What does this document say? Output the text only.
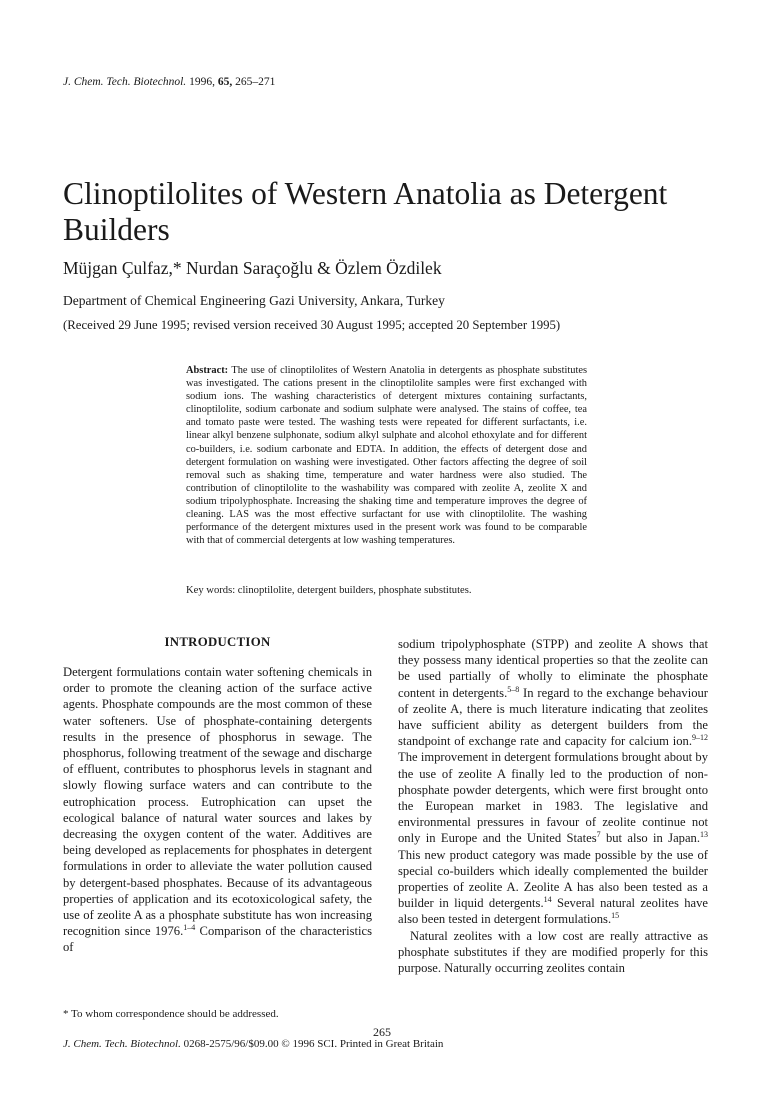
J. Chem. Tech. Biotechnol. 1996, 65, 265–271
Clinoptilolites of Western Anatolia as Detergent Builders
Müjgan Çulfaz,* Nurdan Saraçoğlu & Özlem Özdilek
Department of Chemical Engineering Gazi University, Ankara, Turkey
(Received 29 June 1995; revised version received 30 August 1995; accepted 20 September 1995)
Abstract: The use of clinoptilolites of Western Anatolia in detergents as phosphate substitutes was investigated. The cations present in the clinoptilolite samples were first exchanged with sodium ions. The washing characteristics of detergent mixtures containing surfactants, clinoptilolite, sodium carbonate and sodium sulphate were analysed. The stains of coffee, tea and tomato paste were tested. The washing tests were repeated for different surfactants, i.e. linear alkyl benzene sulphonate, sodium alkyl sulphate and alcohol ethoxylate and for different co-builders, i.e. sodium carbonate and EDTA. In addition, the effects of detergent dose and detergent formulation on washing were investigated. Other factors affecting the degree of soil removal such as shaking time, temperature and water hardness were also studied. The contribution of clinoptilolite to the washability was compared with zeolite A, zeolite X and sodium tripolyphosphate. Increasing the shaking time and temperature improves the degree of cleaning. LAS was the most effective surfactant for use with clinoptilolite. The washing performance of the detergent mixtures used in the present work was found to be comparable with that of commercial detergents at low washing temperatures.
Key words: clinoptilolite, detergent builders, phosphate substitutes.
INTRODUCTION

Detergent formulations contain water softening chemicals in order to promote the cleaning action of the surface active agents. Phosphate compounds are the most common of these water softeners. Use of phosphate-containing detergents results in the presence of phosphorus in sewage. The phosphorus, following treatment of the sewage and discharge of effluent, contributes to phosphorus levels in stagnant and slowly flowing surface waters and can contribute to the eutrophication process. Eutrophication can upset the ecological balance of natural water sources and lakes by decreasing the oxygen content of the water. Additives are being developed as replacements for phosphates in detergent formulations in order to alleviate the water pollution caused by detergent-based phosphates. Because of its advantageous properties of application and its ecotoxicological safety, the use of zeolite A as a phosphate substitute has won increasing recognition since 1976.$^{1-4}$ Comparison of the characteristics of

sodium tripolyphosphate (STPP) and zeolite A shows that they possess many identical properties so that the zeolite can be used partially of wholly to eliminate the phosphate content in detergents.$^{5-8}$ In regard to the exchange behaviour of zeolite A, there is much literature indicating that zeolites have sufficient ability as detergent builders from the standpoint of exchange rate and capacity for calcium ion.$^{9-12}$ The improvement in detergent formulations brought about by the use of zeolite A finally led to the production of non-phosphate powder detergents, which were first brought onto the European market in 1983. The legislative and environmental pressures in favour of zeolite continue not only in Europe and the United States$^7$ but also in Japan.$^{13}$ This new product category was made possible by the use of special co-builders which ideally complemented the builder properties of zeolite A. Zeolite A has also been tested as a builder in liquid detergents.$^{14}$ Several natural zeolites have also been tested in detergent formulations.$^{15}$

Natural zeolites with a low cost are really attractive as phosphate substitutes if they are modified properly for this purpose. Naturally occurring zeolites contain

* To whom correspondence should be addressed.
265
J. Chem. Tech. Biotechnol. 0268-2575/96/$09.00 © 1996 SCI. Printed in Great Britain
